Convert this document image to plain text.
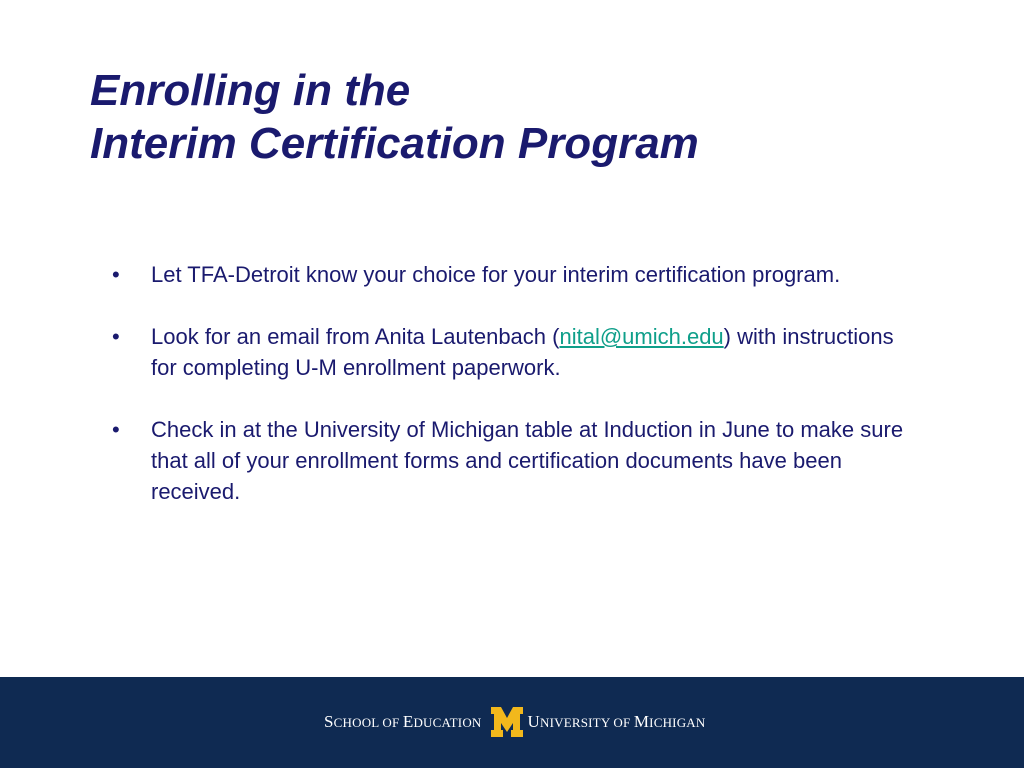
Enrolling in the
Interim Certification Program
• Let TFA-Detroit know your choice for your interim certification program.
• Look for an email from Anita Lautenbach (nital@umich.edu) with instructions for completing U-M enrollment paperwork.
• Check in at the University of Michigan table at Induction in June to make sure that all of your enrollment forms and certification documents have been received.
SCHOOL OF EDUCATION	UNIVERSITY OF MICHIGAN
